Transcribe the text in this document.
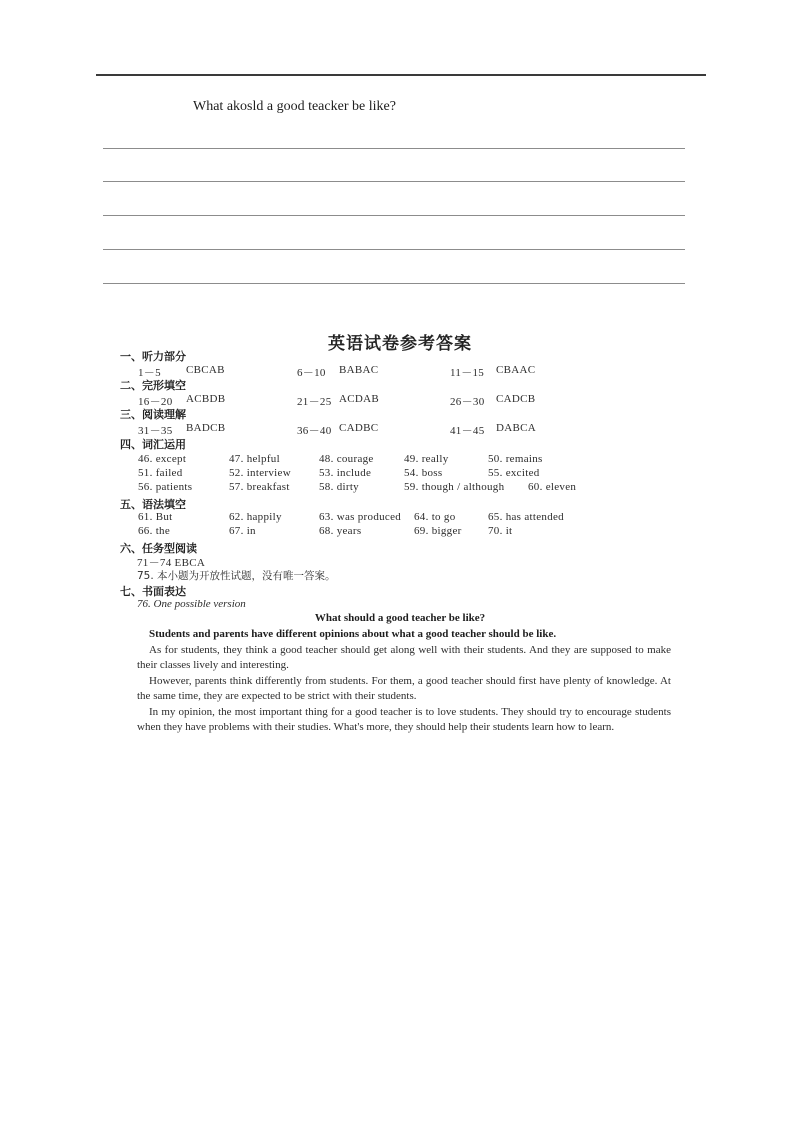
What akosld a good teacker be like?
英语试卷参考答案
一、听力部分
1－5 CBCAB	6－10 BABAC	11－15 CBAAC
二、完形填空
16－20 ACBDB	21－25 ACDAB	26－30 CADCB
三、阅读理解
31－35 BADCB	36－40 CADBC	41－45 DABCA
四、词汇运用
46. except	47. helpful	48. courage	49. really	50. remains
51. failed	52. interview	53. include	54. boss	55. excited
56. patients	57. breakfast	58. dirty	59. though / although 60. eleven
五、语法填空
61. But	62. happily	63. was produced 64. to go	65. has attended
66. the	67. in	68. years	69. bigger 70. it
六、任务型阅读
71－74 EBCA
75. 本小题为开放性试题，没有唯一答案。
七、书面表达
76. One possible version
What should a good teacher be like?

Students and parents have different opinions about what a good teacher should be like.

As for students, they think a good teacher should get along well with their students. And they are supposed to make their classes lively and interesting.

However, parents think differently from students. For them, a good teacher should first have plenty of knowledge. At the same time, they are expected to be strict with their students.

In my opinion, the most important thing for a good teacher is to love students. They should try to encourage students when they have problems with their studies. What's more, they should help their students learn how to learn.
